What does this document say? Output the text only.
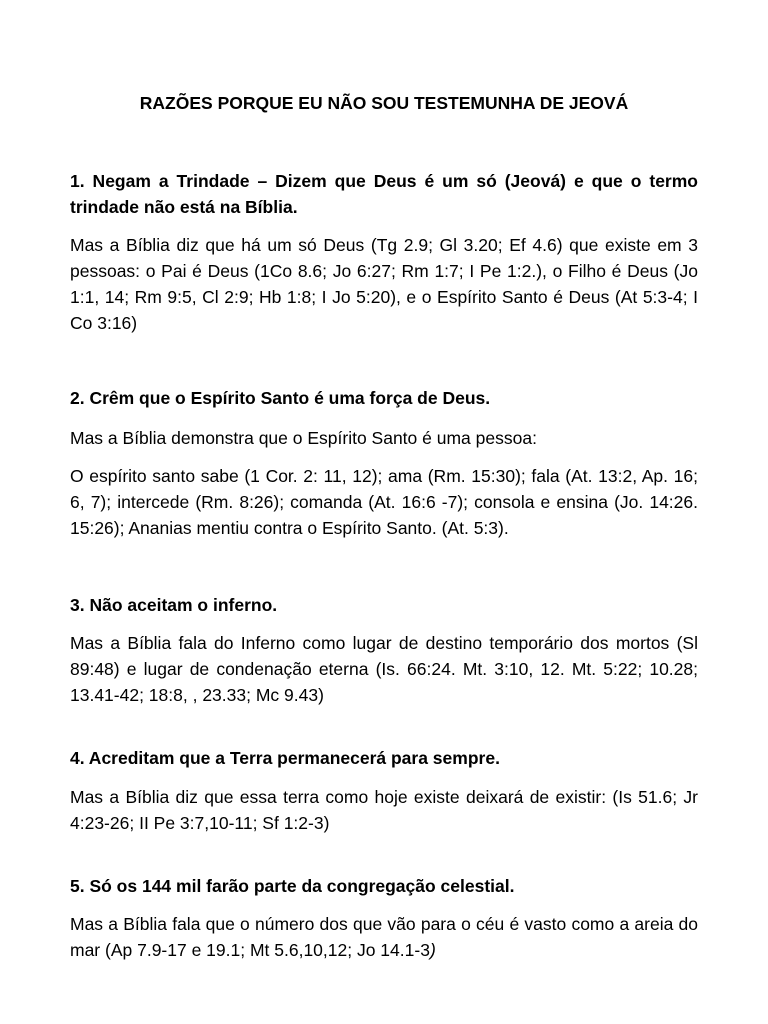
RAZÕES PORQUE EU NÃO SOU TESTEMUNHA DE JEOVÁ
1. Negam a Trindade – Dizem que Deus é um só (Jeová) e que o termo trindade não está na Bíblia.
Mas a Bíblia diz que há um só Deus (Tg 2.9; Gl 3.20; Ef 4.6) que existe em 3 pessoas: o Pai é Deus (1Co 8.6; Jo 6:27; Rm 1:7; I Pe 1:2.), o Filho é Deus (Jo 1:1, 14; Rm 9:5, Cl 2:9; Hb 1:8; I Jo 5:20), e o Espírito Santo é Deus (At 5:3-4; I Co 3:16)
2. Crêm que o Espírito Santo é uma força de Deus.
Mas a Bíblia demonstra que o Espírito Santo é uma pessoa:
O espírito santo sabe (1 Cor. 2: 11, 12); ama (Rm. 15:30); fala (At. 13:2, Ap. 16; 6, 7); intercede (Rm. 8:26); comanda (At. 16:6 -7); consola e ensina (Jo. 14:26. 15:26); Ananias mentiu contra o Espírito Santo. (At. 5:3).
3. Não aceitam o inferno.
Mas a Bíblia fala do Inferno como lugar de destino temporário dos mortos (Sl 89:48) e lugar de condenação eterna (Is. 66:24. Mt. 3:10, 12. Mt. 5:22; 10.28; 13.41-42; 18:8, , 23.33; Mc 9.43)
4. Acreditam que a Terra permanecerá para sempre.
Mas a Bíblia diz que essa terra como hoje existe deixará de existir: (Is 51.6; Jr 4:23-26; II Pe 3:7,10-11; Sf 1:2-3)
5. Só os 144 mil farão parte da congregação celestial.
Mas a Bíblia fala que o número dos que vão para o céu é vasto como a areia do mar (Ap 7.9-17 e 19.1; Mt 5.6,10,12; Jo 14.1-3)
